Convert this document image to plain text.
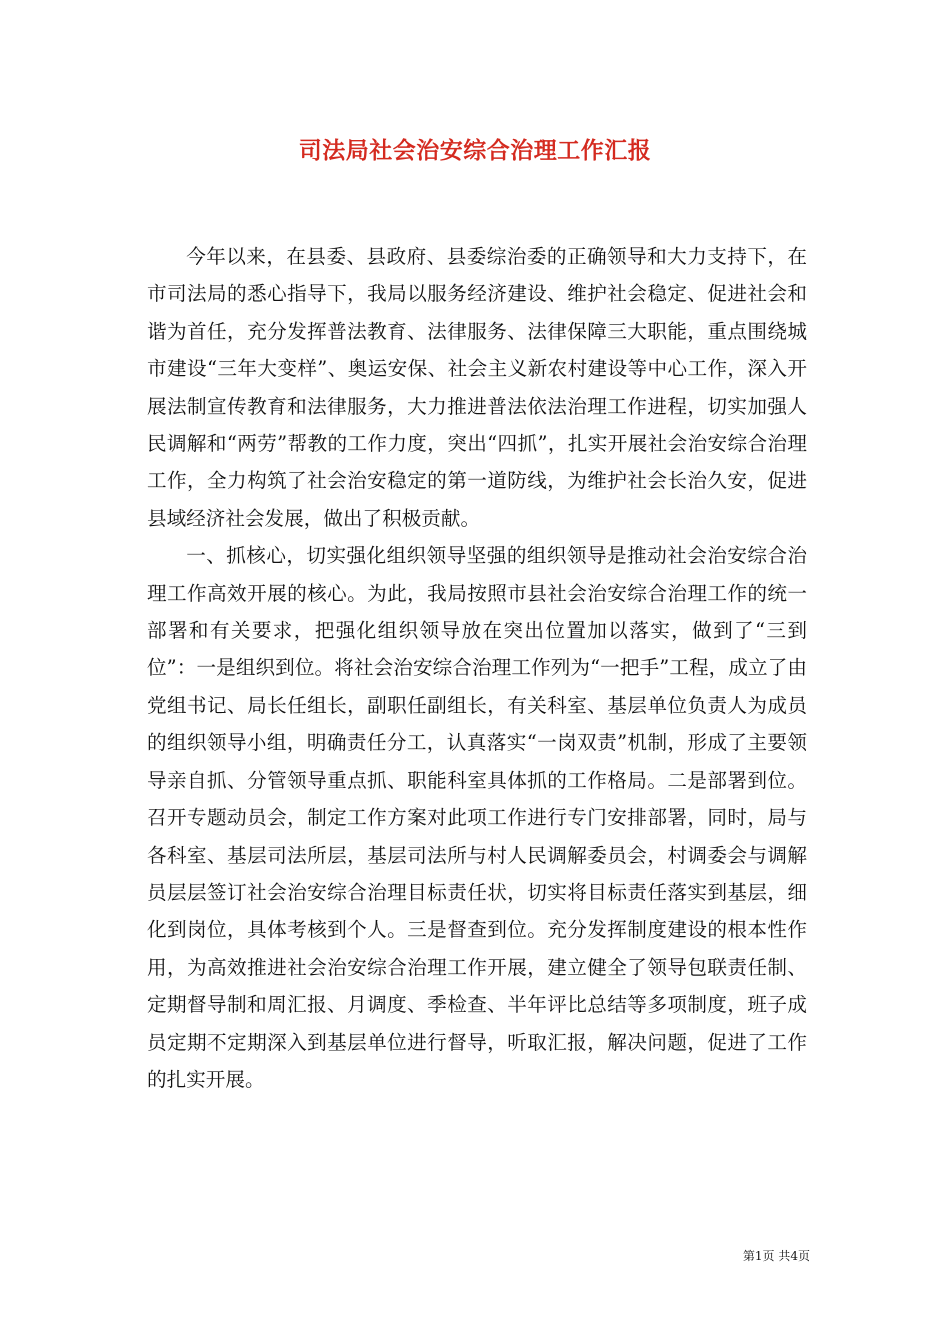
司法局社会治安综合治理工作汇报

今年以来，在县委、县政府、县委综治委的正确领导和大力支持下，在市司法局的悉心指导下，我局以服务经济建设、维护社会稳定、促进社会和谐为首任，充分发挥普法教育、法律服务、法律保障三大职能，重点围绕城市建设“三年大变样”、奥运安保、社会主义新农村建设等中心工作，深入开展法制宣传教育和法律服务，大力推进普法依法治理工作进程，切实加强人民调解和“两劳”帮教的工作力度，突出“四抓”，扎实开展社会治安综合治理工作，全力构筑了社会治安稳定的第一道防线，为维护社会长治久安，促进县域经济社会发展，做出了积极贡献。

一、抓核心，切实强化组织领导坚强的组织领导是推动社会治安综合治理工作高效开展的核心。为此，我局按照市县社会治安综合治理工作的统一部署和有关要求，把强化组织领导放在突出位置加以落实，做到了“三到位”：一是组织到位。将社会治安综合治理工作列为“一把手”工程，成立了由党组书记、局长任组长，副职任副组长，有关科室、基层单位负责人为成员的组织领导小组，明确责任分工，认真落实“一岗双责”机制，形成了主要领导亲自抓、分管领导重点抓、职能科室具体抓的工作格局。二是部署到位。召开专题动员会，制定工作方案对此项工作进行专门安排部署，同时，局与各科室、基层司法所层，基层司法所与村人民调解委员会，村调委会与调解员层层签订社会治安综合治理目标责任状，切实将目标责任落实到基层，细化到岗位，具体考核到个人。三是督查到位。充分发挥制度建设的根本性作用，为高效推进社会治安综合治理工作开展，建立健全了领导包联责任制、定期督导制和周汇报、月调度、季检查、半年评比总结等多项制度，班子成员定期不定期深入到基层单位进行督导，听取汇报，解决问题，促进了工作的扎实开展。

第1页 共4页
